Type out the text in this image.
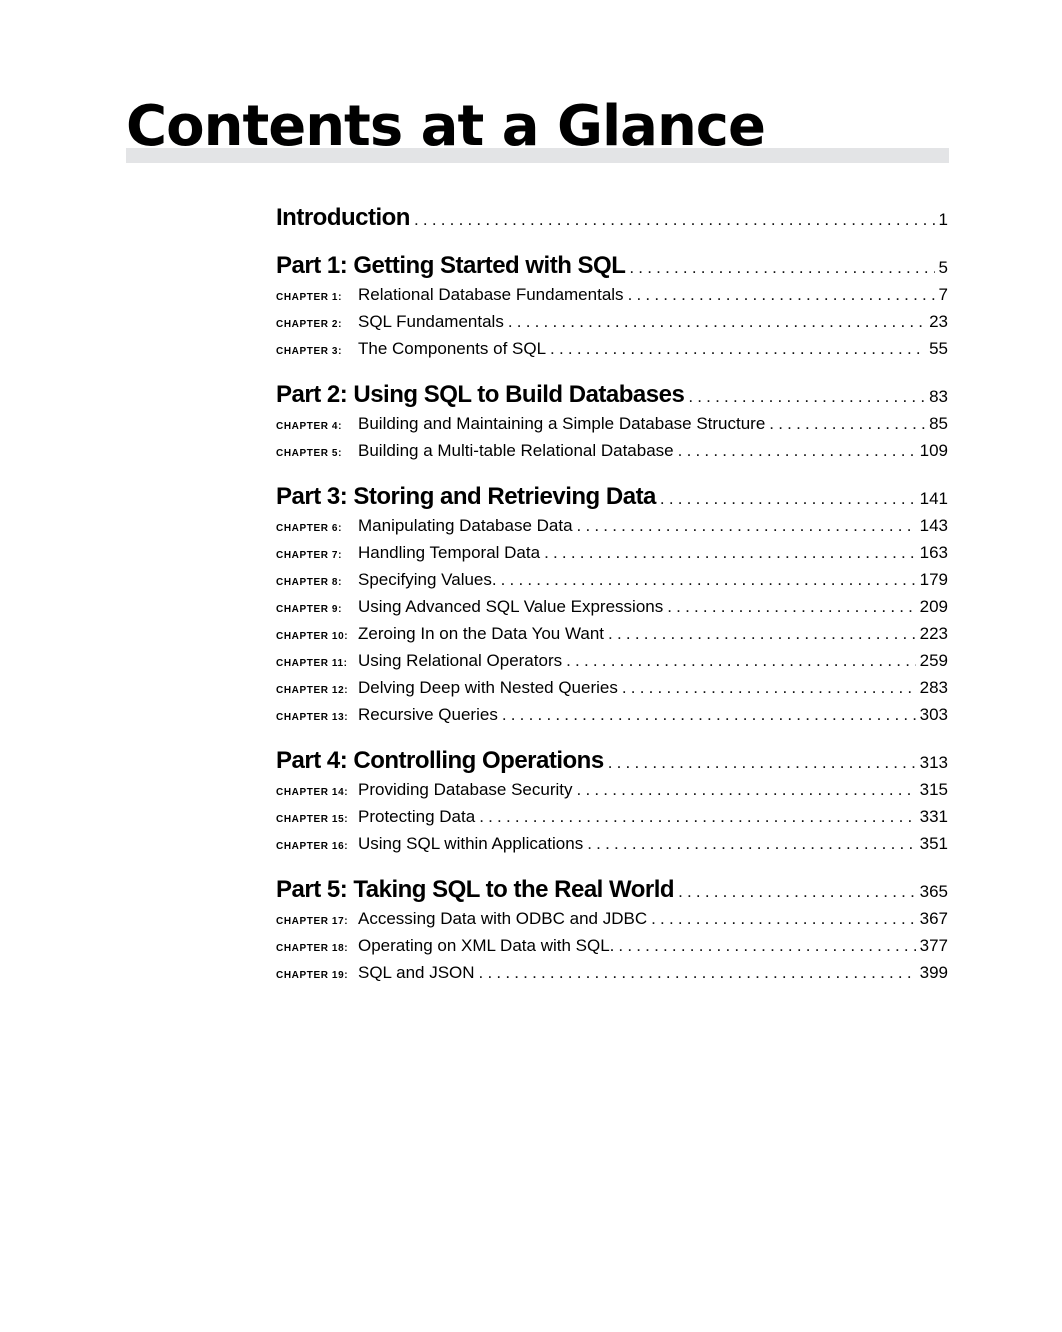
Contents at a Glance
Introduction .....	1
Part 1: Getting Started with SQL .....	5
CHAPTER 1: Relational Database Fundamentals .....	7
CHAPTER 2: SQL Fundamentals .....	23
CHAPTER 3: The Components of SQL .....	55
Part 2: Using SQL to Build Databases .....	83
CHAPTER 4: Building and Maintaining a Simple Database Structure .....	85
CHAPTER 5: Building a Multi-table Relational Database .....	109
Part 3: Storing and Retrieving Data .....	141
CHAPTER 6: Manipulating Database Data .....	143
CHAPTER 7: Handling Temporal Data .....	163
CHAPTER 8: Specifying Values. .....	179
CHAPTER 9: Using Advanced SQL Value Expressions .....	209
CHAPTER 10: Zeroing In on the Data You Want .....	223
CHAPTER 11: Using Relational Operators .....	259
CHAPTER 12: Delving Deep with Nested Queries .....	283
CHAPTER 13: Recursive Queries .....	303
Part 4: Controlling Operations .....	313
CHAPTER 14: Providing Database Security .....	315
CHAPTER 15: Protecting Data .....	331
CHAPTER 16: Using SQL within Applications .....	351
Part 5: Taking SQL to the Real World .....	365
CHAPTER 17: Accessing Data with ODBC and JDBC .....	367
CHAPTER 18: Operating on XML Data with SQL. .....	377
CHAPTER 19: SQL and JSON .....	399
